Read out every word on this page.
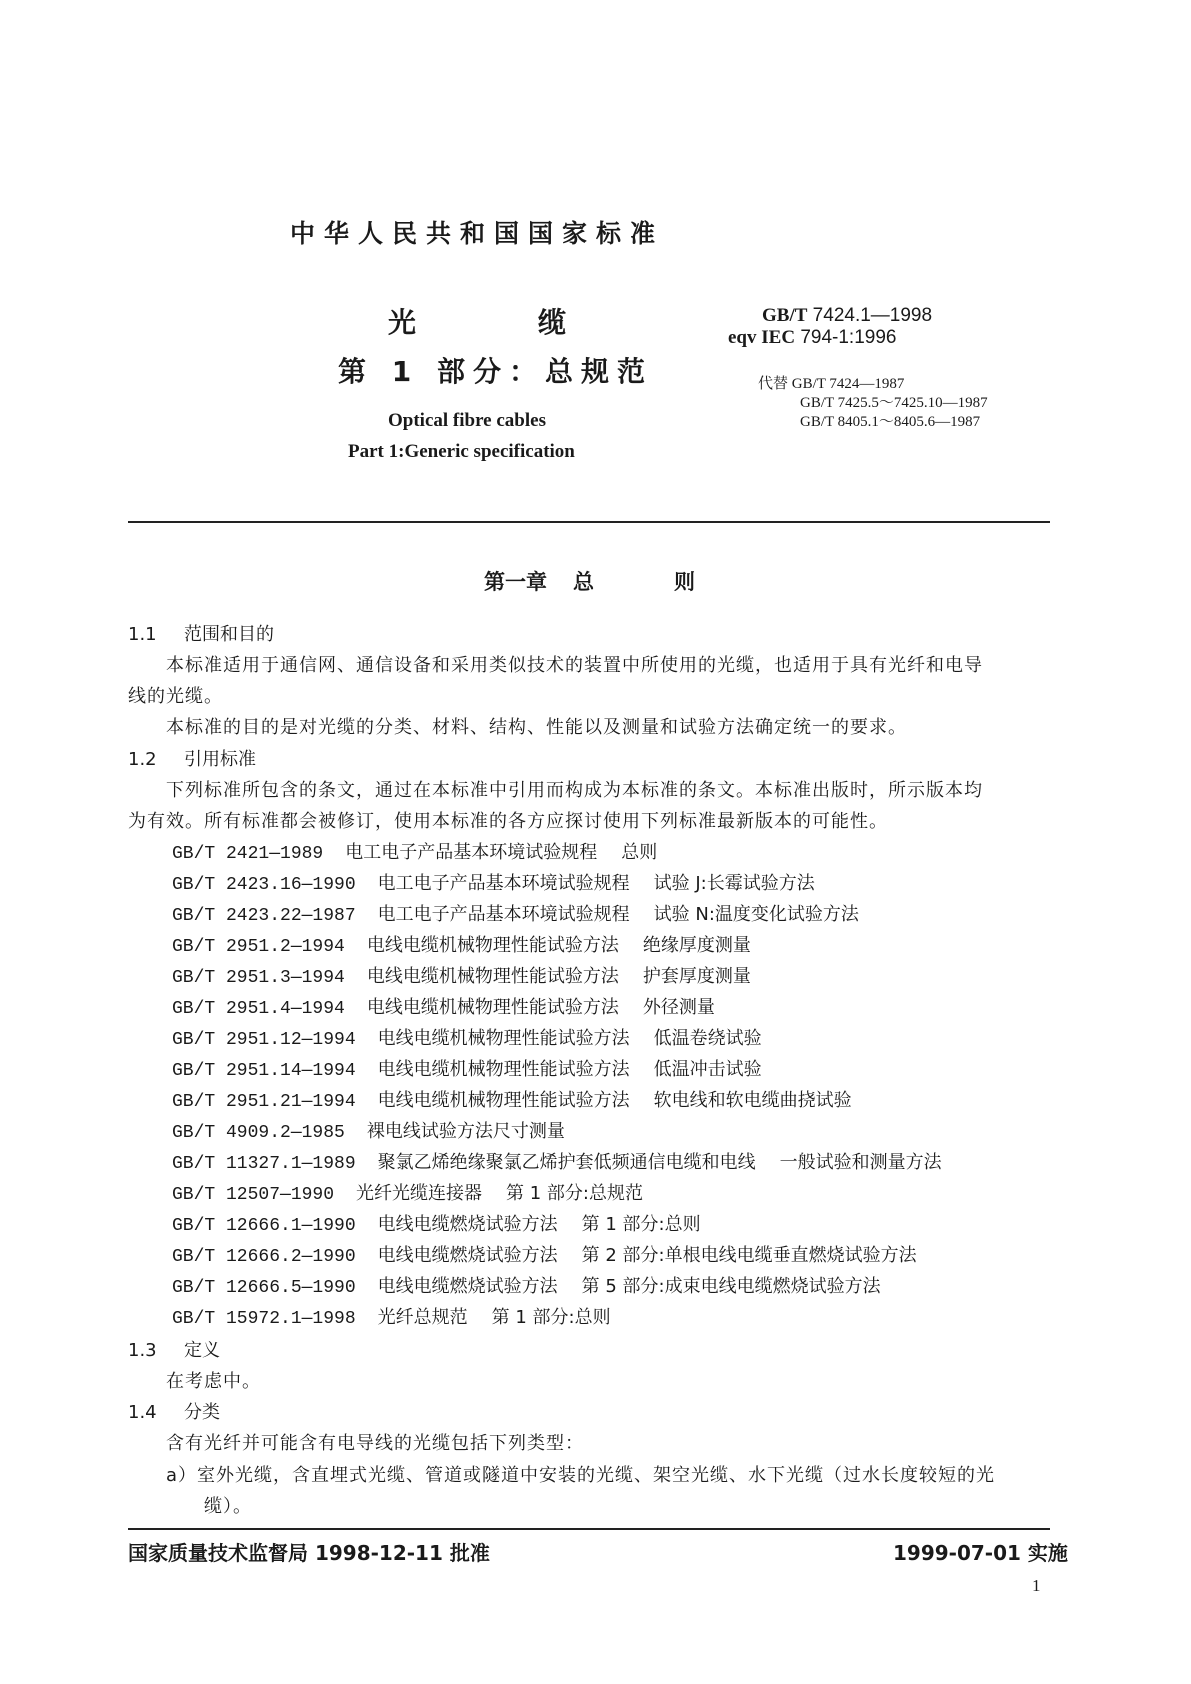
中华人民共和国国家标准
光	缆
第 1 部分：总规范
Optical fibre cables
Part 1:Generic specification
GB/T 7424.1—1998
eqv IEC 794-1:1996
代替 GB/T 7424—1987
GB/T 7425.5～7425.10—1987
GB/T 8405.1～8405.6—1987
第一章 总	则
1.1 范围和目的
本标准适用于通信网、通信设备和采用类似技术的装置中所使用的光缆，也适用于具有光纤和电导
线的光缆。
本标准的目的是对光缆的分类、材料、结构、性能以及测量和试验方法确定统一的要求。
1.2 引用标准
下列标准所包含的条文，通过在本标准中引用而构成为本标准的条文。本标准出版时，所示版本均
为有效。所有标准都会被修订，使用本标准的各方应探讨使用下列标准最新版本的可能性。
GB/T 2421—1989 电工电子产品基本环境试验规程 总则
GB/T 2423.16—1990 电工电子产品基本环境试验规程 试验 J:长霉试验方法
GB/T 2423.22—1987 电工电子产品基本环境试验规程 试验 N:温度变化试验方法
GB/T 2951.2—1994 电线电缆机械物理性能试验方法 绝缘厚度测量
GB/T 2951.3—1994 电线电缆机械物理性能试验方法 护套厚度测量
GB/T 2951.4—1994 电线电缆机械物理性能试验方法 外径测量
GB/T 2951.12—1994 电线电缆机械物理性能试验方法 低温卷绕试验
GB/T 2951.14—1994 电线电缆机械物理性能试验方法 低温冲击试验
GB/T 2951.21—1994 电线电缆机械物理性能试验方法 软电线和软电缆曲挠试验
GB/T 4909.2—1985 裸电线试验方法尺寸测量
GB/T 11327.1—1989 聚氯乙烯绝缘聚氯乙烯护套低频通信电缆和电线 一般试验和测量方法
GB/T 12507—1990 光纤光缆连接器 第 1 部分:总规范
GB/T 12666.1—1990 电线电缆燃烧试验方法 第 1 部分:总则
GB/T 12666.2—1990 电线电缆燃烧试验方法 第 2 部分:单根电线电缆垂直燃烧试验方法
GB/T 12666.5—1990 电线电缆燃烧试验方法 第 5 部分:成束电线电缆燃烧试验方法
GB/T 15972.1—1998 光纤总规范 第 1 部分:总则
1.3 定义
在考虑中。
1.4 分类
含有光纤并可能含有电导线的光缆包括下列类型：
a）室外光缆，含直埋式光缆、管道或隧道中安装的光缆、架空光缆、水下光缆（过水长度较短的光
缆）。
国家质量技术监督局 1998-12-11 批准	1999-07-01 实施
1
